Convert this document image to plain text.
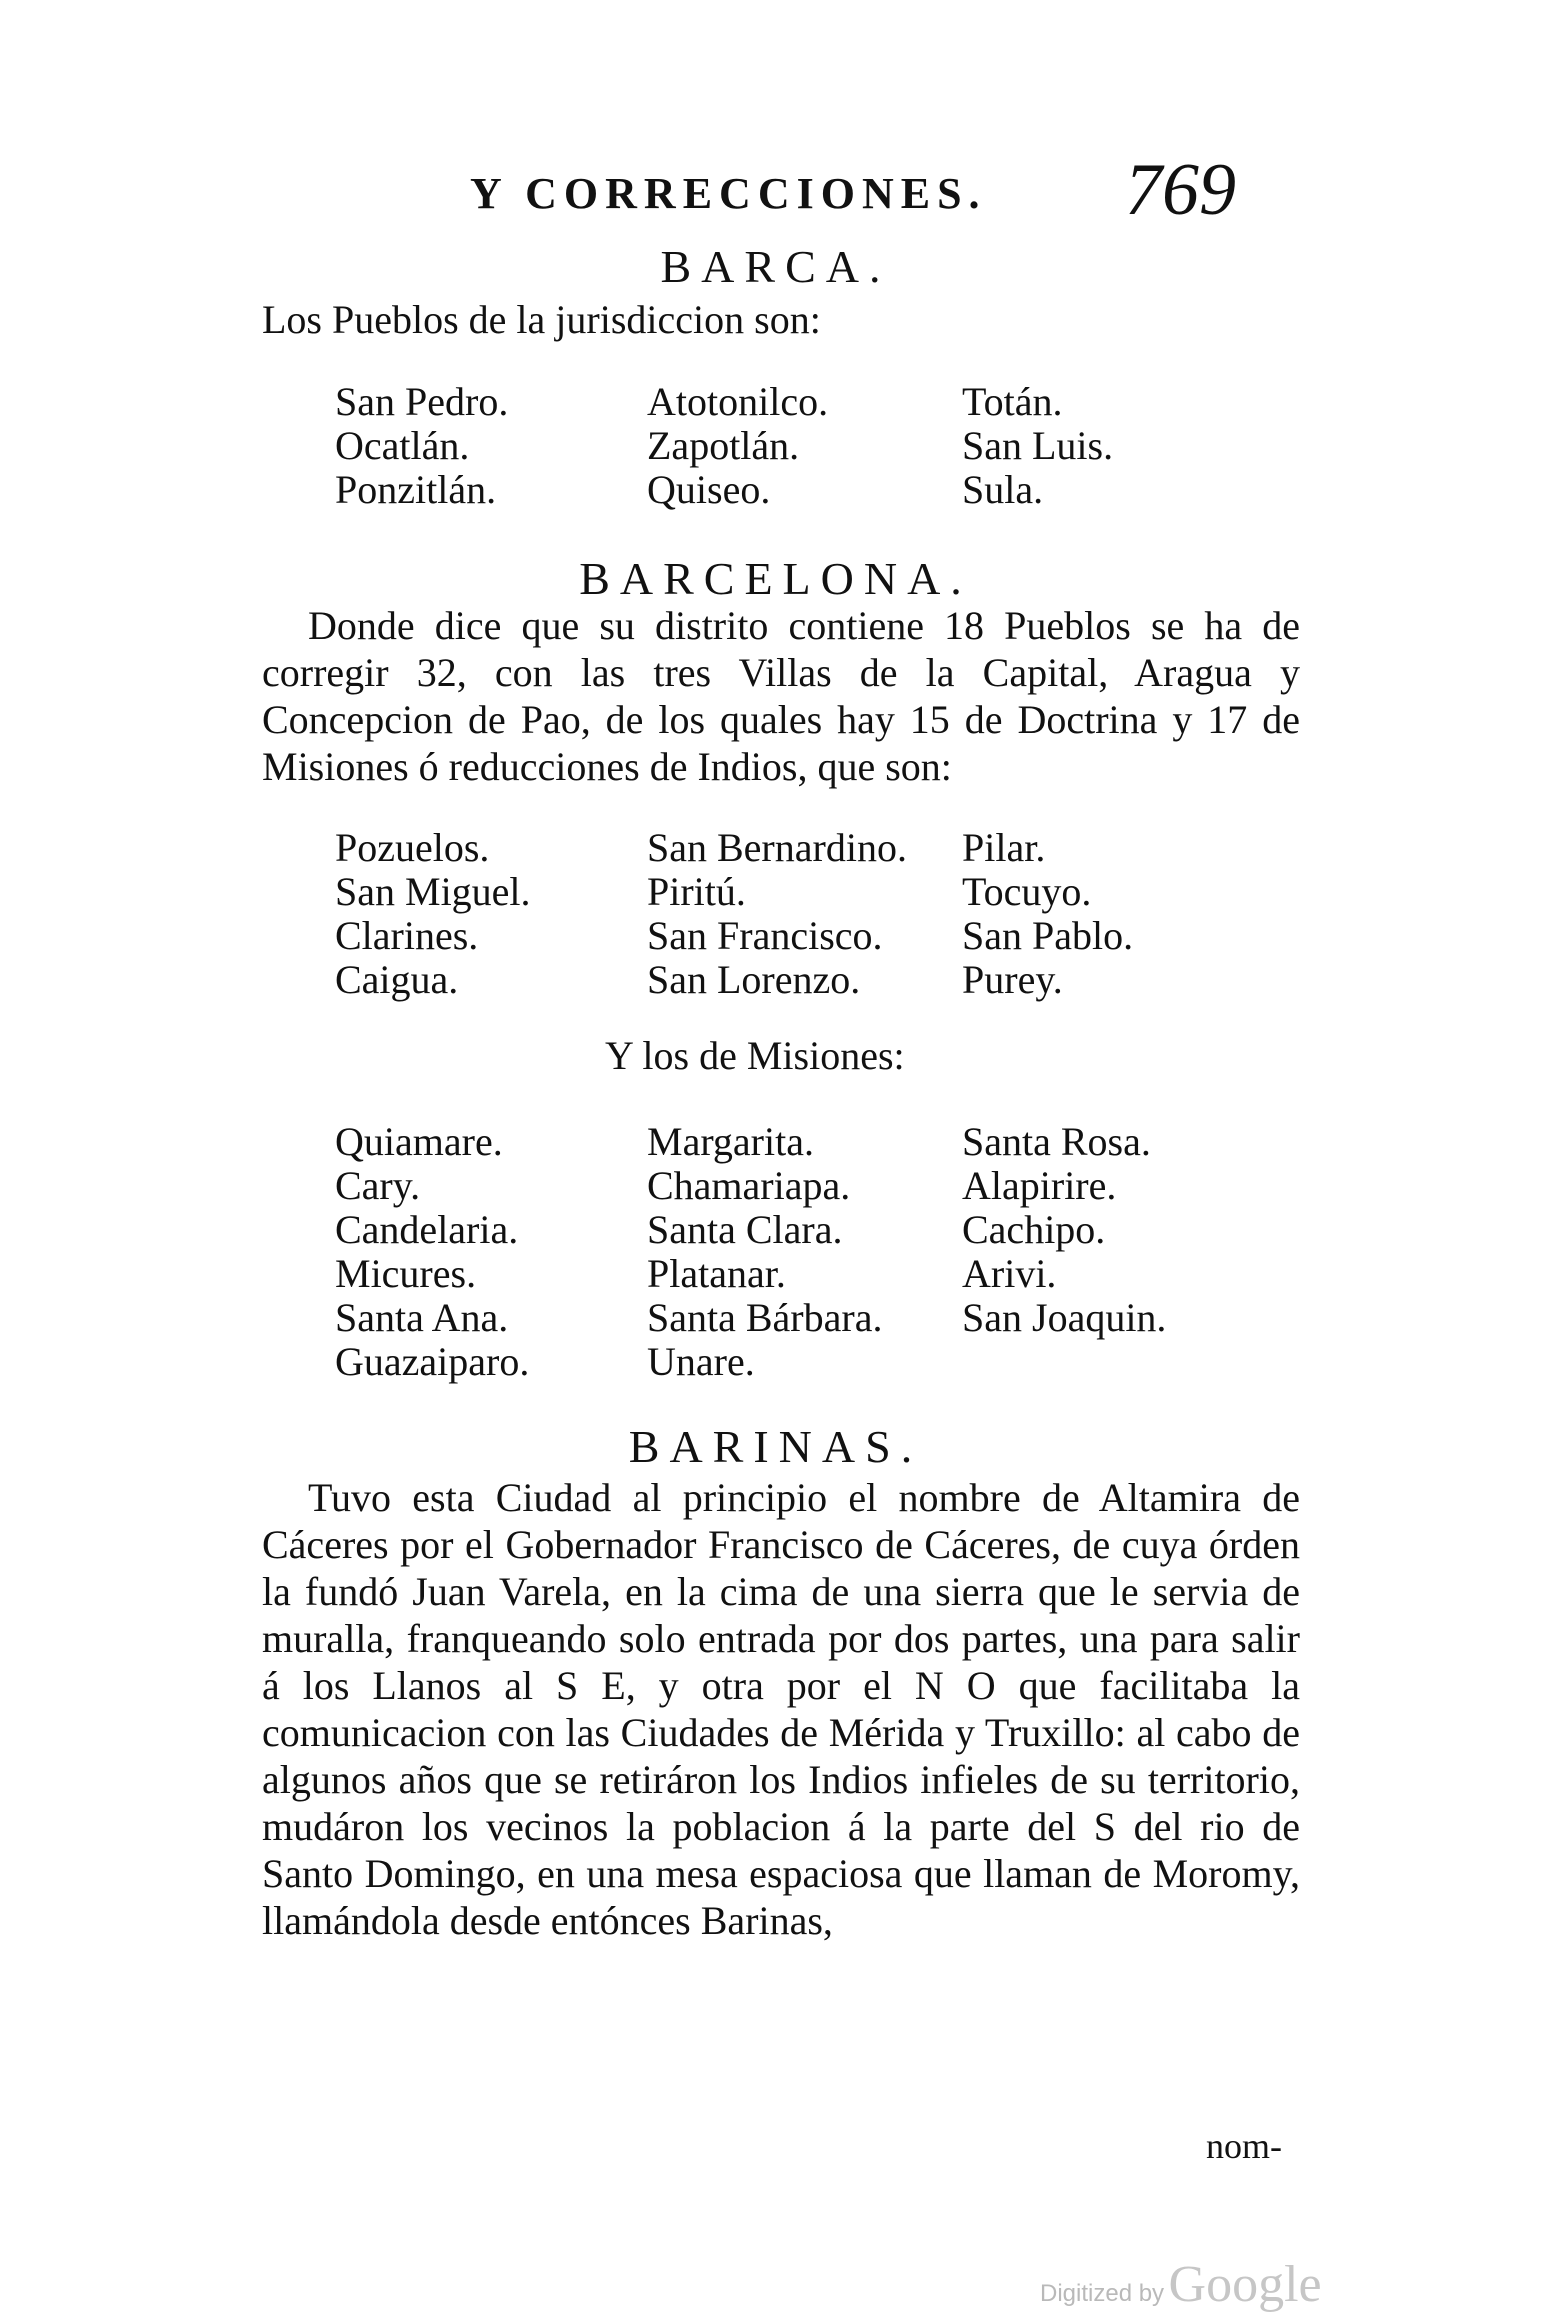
Y CORRECCIONES. 769
BARCA.
Los Pueblos de la jurisdiccion son:
San Pedro.	Atotonilco.	Totán.
Ocatlán.	Zapotlán.	San Luis.
Ponzitlán.	Quiseo.	Sula.
BARCELONA.

Donde dice que su distrito contiene 18 Pueblos se ha de corregir 32, con las tres Villas de la Capital, Aragua y Concepcion de Pao, de los quales hay 15 de Doctrina y 17 de Misiones ó reducciones de Indios, que son:

Pozuelos.	San Bernardino.	Pilar.
San Miguel.	Piritú.	Tocuyo.
Clarines.	San Francisco.	San Pablo.
Caigua.	San Lorenzo.	Purey.
Y los de Misiones:
Quiamare.	Margarita.	Santa Rosa.
Cary.	Chamariapa.	Alapirire.
Candelaria.	Santa Clara.	Cachipo.
Micures.	Platanar.	Arivi.
Santa Ana.	Santa Bárbara.	San Joaquin.
Guazaiparo.	Unare.
BARINAS.

Tuvo esta Ciudad al principio el nombre de Altamira de Cáceres por el Gobernador Francisco de Cáceres, de cuya órden la fundó Juan Varela, en la cima de una sierra que le servia de muralla, franqueando solo entrada por dos partes, una para salir á los Llanos al S E, y otra por el N O que facilitaba la comunicacion con las Ciudades de Mérida y Truxillo: al cabo de algunos años que se retiráron los Indios infieles de su territorio, mudáron los vecinos la poblacion á la parte del S del rio de Santo Domingo, en una mesa espaciosa que llaman de Moromy, llamándola desde entónces Barinas,

nom-
Digitized by Google
